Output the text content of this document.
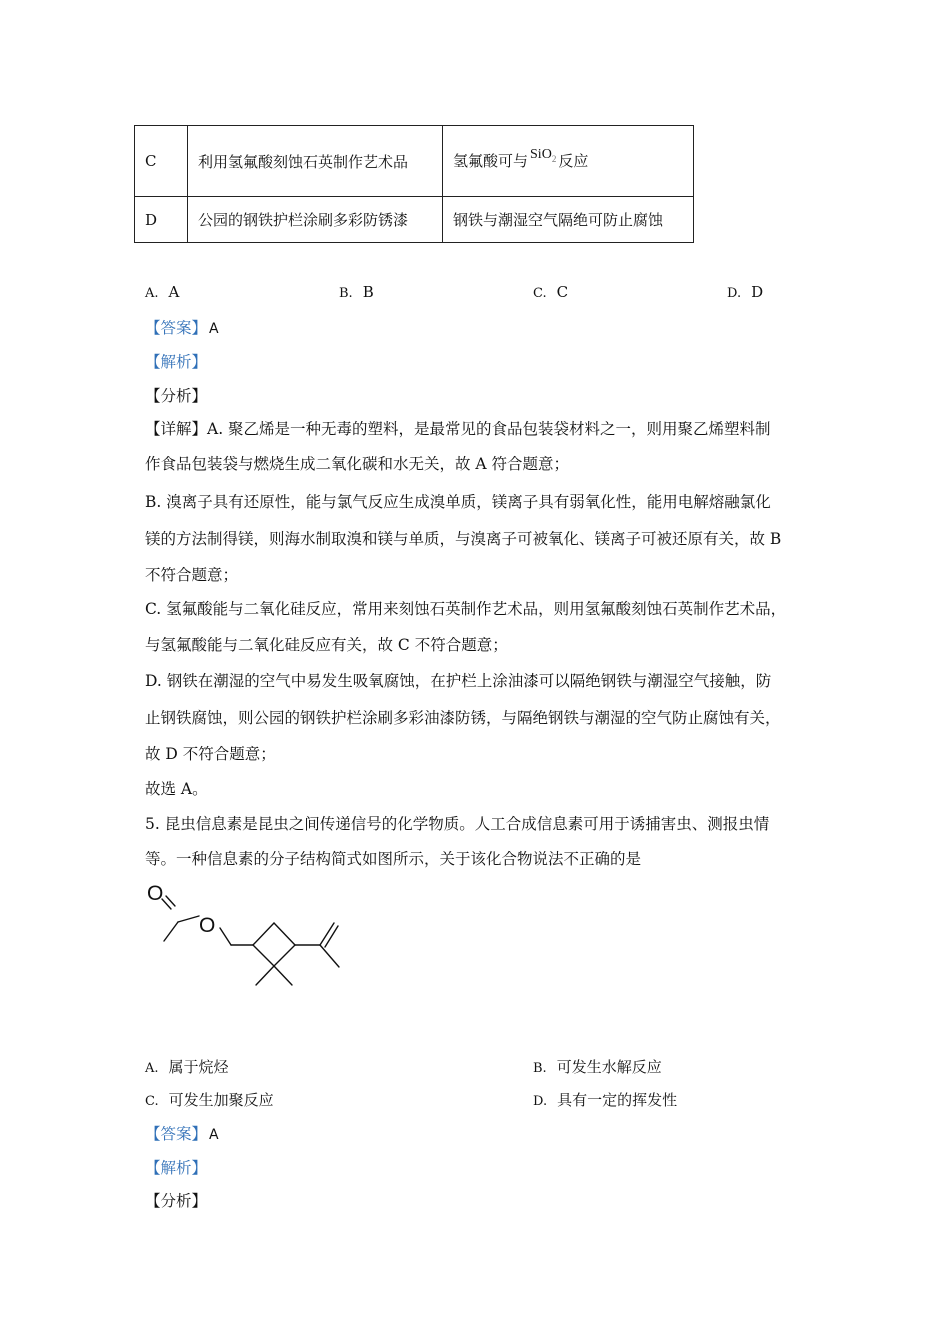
C	利用氢氟酸刻蚀石英制作艺术品	氢氟酸可与 SiO$_2$ 反应
D	公园的钢铁护栏涂刷多彩防锈漆	钢铁与潮湿空气隔绝可防止腐蚀
A. A	B. B	C. C	D. D
【答案】 A
【解析】
【分析】
【详解】A. 聚乙烯是一种无毒的塑料，是最常见的食品包装袋材料之一，则用聚乙烯塑料制
作食品包装袋与燃烧生成二氧化碳和水无关，故 A 符合题意；
B. 溴离子具有还原性，能与氯气反应生成溴单质，镁离子具有弱氧化性，能用电解熔融氯化
镁的方法制得镁，则海水制取溴和镁与单质，与溴离子可被氧化、镁离子可被还原有关，故 B
不符合题意；
C. 氢氟酸能与二氧化硅反应，常用来刻蚀石英制作艺术品，则用氢氟酸刻蚀石英制作艺术品，
与氢氟酸能与二氧化硅反应有关，故 C 不符合题意；
D. 钢铁在潮湿的空气中易发生吸氧腐蚀，在护栏上涂油漆可以隔绝钢铁与潮湿空气接触，防
止钢铁腐蚀，则公园的钢铁护栏涂刷多彩油漆防锈，与隔绝钢铁与潮湿的空气防止腐蚀有关，
故 D 不符合题意；
故选 A。
5. 昆虫信息素是昆虫之间传递信号的化学物质。人工合成信息素可用于诱捕害虫、测报虫情
等。一种信息素的分子结构简式如图所示，关于该化合物说法不正确的是
O
O
A. 属于烷烃	B. 可发生水解反应
C. 可发生加聚反应	D. 具有一定的挥发性
【答案】 A
【解析】
【分析】
